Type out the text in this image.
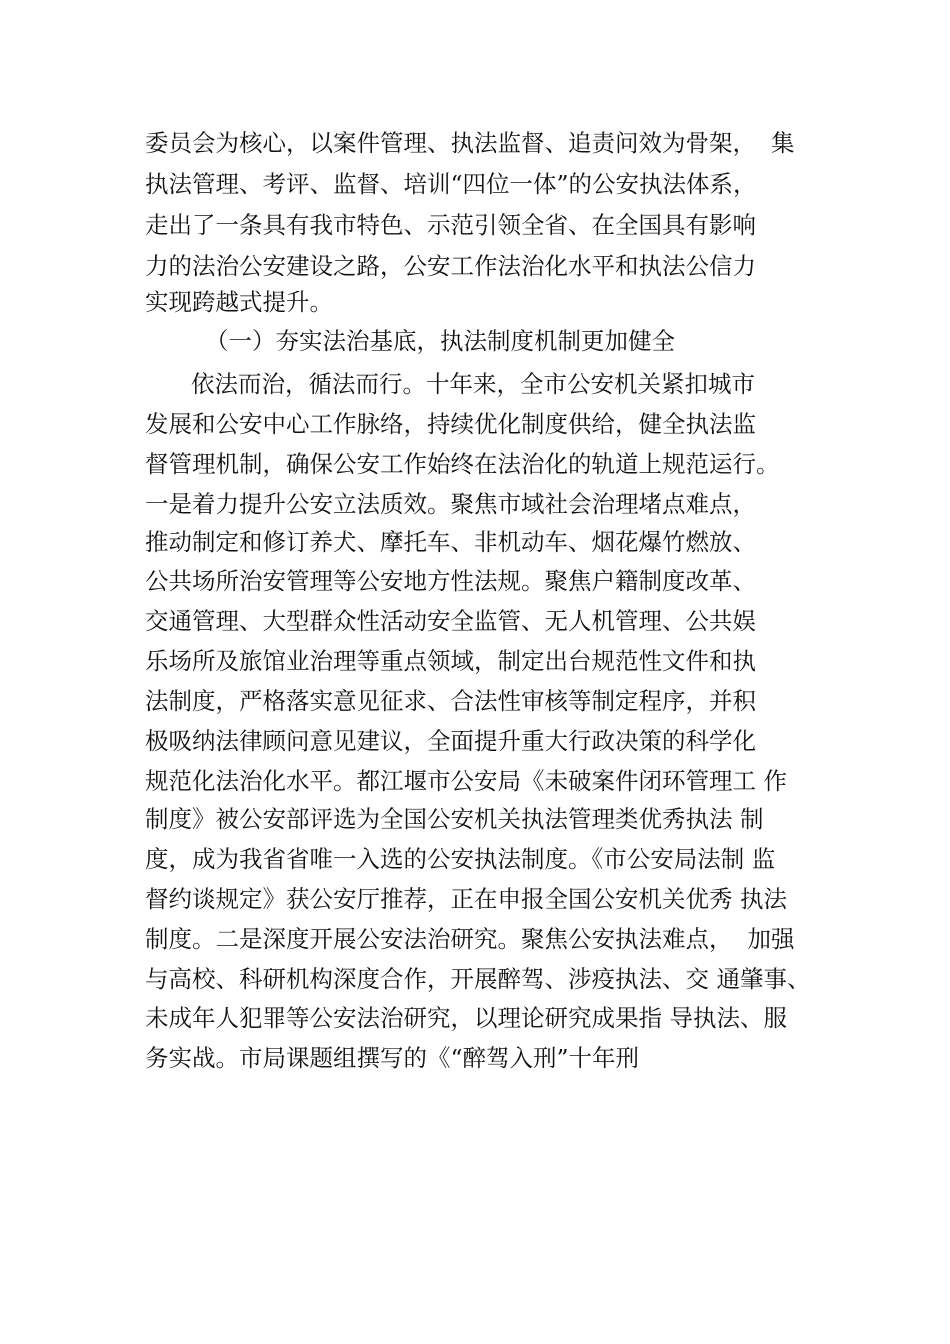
委员会为核心，以案件管理、执法监督、追责问效为骨架，  集
执法管理、考评、监督、培训“四位一体”的公安执法体系，
走出了一条具有我市特色、示范引领全省、在全国具有影响
力的法治公安建设之路，公安工作法治化水平和执法公信力
实现跨越式提升。
（一）夯实法治基底，执法制度机制更加健全
依法而治，循法而行。十年来，全市公安机关紧扣城市
发展和公安中心工作脉络，持续优化制度供给，健全执法监
督管理机制，确保公安工作始终在法治化的轨道上规范运行。
一是着力提升公安立法质效。聚焦市域社会治理堵点难点，
推动制定和修订养犬、摩托车、非机动车、烟花爆竹燃放、
公共场所治安管理等公安地方性法规。聚焦户籍制度改革、
交通管理、大型群众性活动安全监管、无人机管理、公共娱
乐场所及旅馆业治理等重点领域，制定出台规范性文件和执
法制度，严格落实意见征求、合法性审核等制定程序，并积
极吸纳法律顾问意见建议，全面提升重大行政决策的科学化
规范化法治化水平。都江堰市公安局《未破案件闭环管理工 作
制度》被公安部评选为全国公安机关执法管理类优秀执法 制
度，成为我省省唯一入选的公安执法制度。《市公安局法制 监
督约谈规定》获公安厅推荐，正在申报全国公安机关优秀 执法
制度。二是深度开展公安法治研究。聚焦公安执法难点，  加强
与高校、科研机构深度合作，开展醉驾、涉疫执法、交 通肇事、
未成年人犯罪等公安法治研究，以理论研究成果指 导执法、服
务实战。市局课题组撰写的《“醉驾入刑”十年刑
